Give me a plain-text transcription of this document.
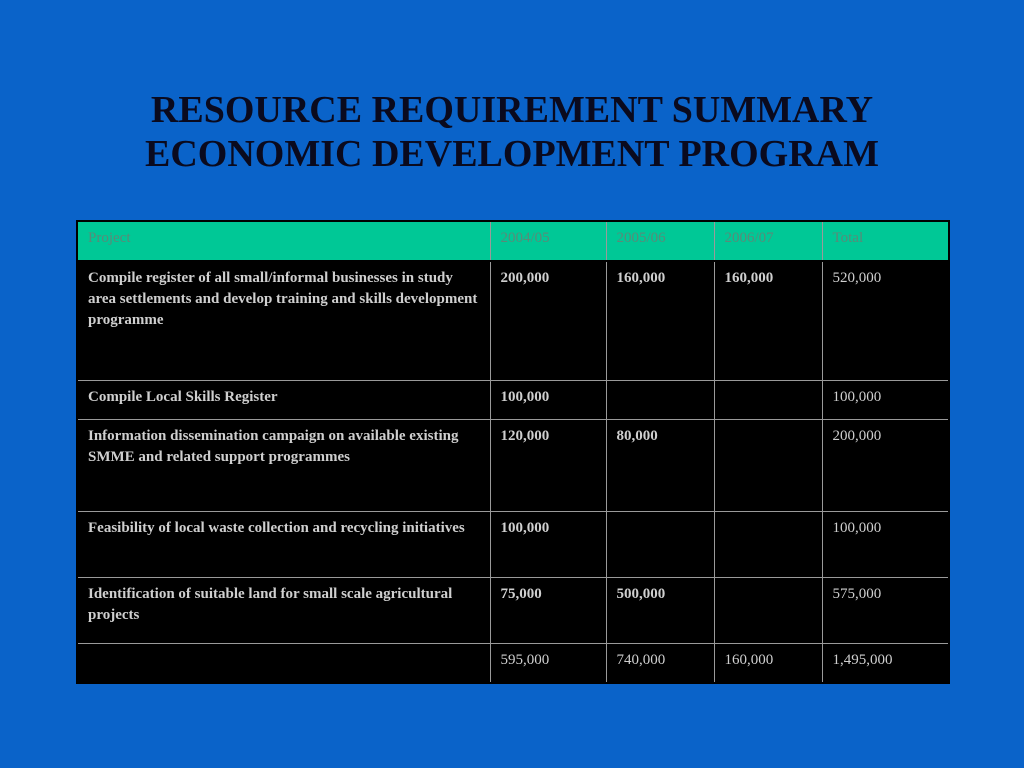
RESOURCE REQUIREMENT SUMMARY
ECONOMIC DEVELOPMENT PROGRAM
Project	2004/05	2005/06	2006/07	Total
Compile register of all small/informal businesses in study area settlements and develop training and skills development programme	200,000	160,000	160,000	520,000
Compile Local Skills Register	100,000			100,000
Information dissemination campaign on available existing SMME and related support programmes	120,000	80,000		200,000
Feasibility of local waste collection and recycling initiatives	100,000			100,000
Identification of suitable land for small scale agricultural projects	75,000	500,000		575,000
	595,000	740,000	160,000	1,495,000
